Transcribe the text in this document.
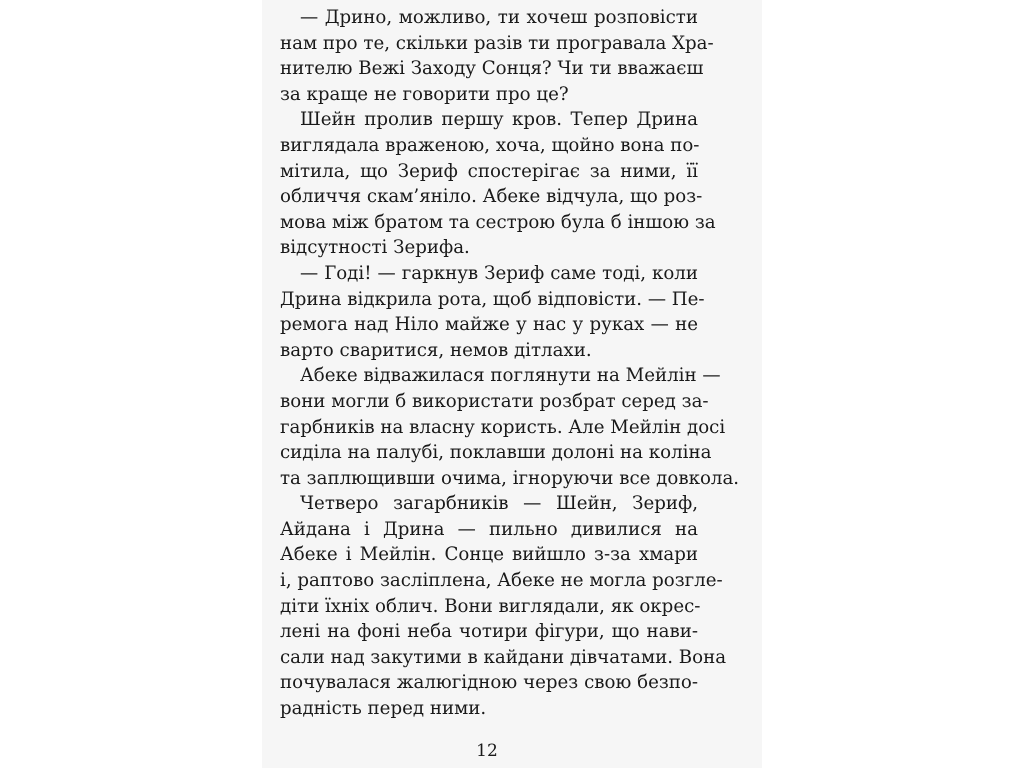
— Дрино, можливо, ти хочеш розповісти
нам про те, скільки разів ти програвала Хра-
нителю Вежі Заходу Сонця? Чи ти вважаєш
за краще не говорити про це?

Шейн пролив першу кров. Тепер Дрина
виглядала враженою, хоча, щойно вона по-
мітила, що Зериф спостерігає за ними, її
обличчя скам’яніло. Абеке відчула, що роз-
мова між братом та сестрою була б іншою за
відсутності Зерифа.

— Годі! — гаркнув Зериф саме тоді, коли
Дрина відкрила рота, щоб відповісти. — Пе-
ремога над Ніло майже у нас у руках — не
варто сваритися, немов дітлахи.

Абеке відважилася поглянути на Мейлін —
вони могли б використати розбрат серед за-
гарбників на власну користь. Але Мейлін досі
сиділа на палубі, поклавши долоні на коліна
та заплющивши очима, ігноруючи все довкола.

Четверо загарбників — Шейн, Зериф,
Айдана і Дрина — пильно дивилися на
Абеке і Мейлін. Сонце вийшло з-за хмари
і, раптово засліплена, Абеке не могла розгле-
діти їхніх облич. Вони виглядали, як окрес-
лені на фоні неба чотири фігури, що нави-
сали над закутими в кайдани дівчатами. Вона
почувалася жалюгідною через свою безпо-
радність перед ними.

12
